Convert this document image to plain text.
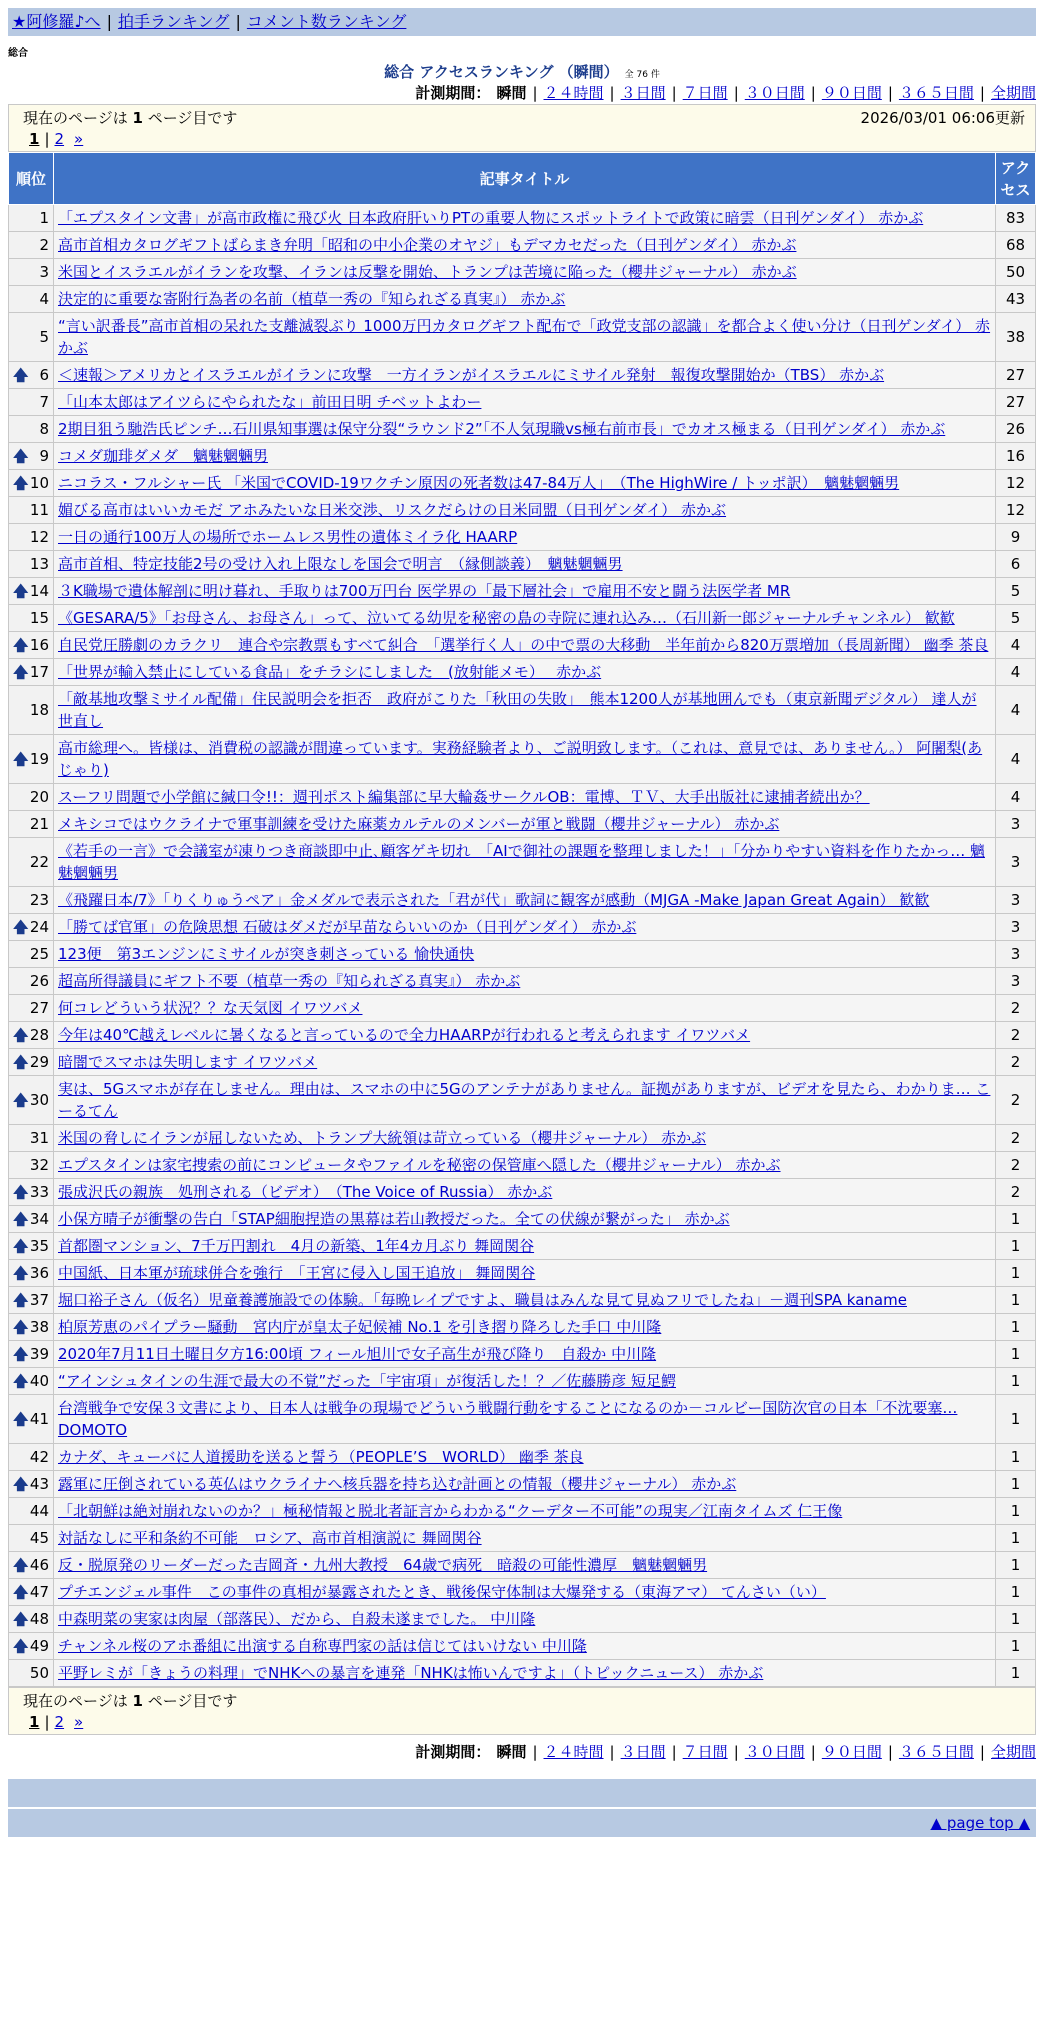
★阿修羅♪へ | 拍手ランキング | コメント数ランキング
総合
総合 アクセスランキング （瞬間） 全 76 件
計測期間： 瞬間 | ２４時間 | ３日間 | ７日間 | ３０日間 | ９０日間 | ３６５日間 | 全期間
現在のページは 1 ページ目です	2026/03/01 06:06更新
1 | 2 »
順位	記事タイトル	アクセス
1	「エプスタイン文書」が高市政権に飛び火 日本政府肝いりPTの重要人物にスポットライトで政策に暗雲（日刊ゲンダイ） 赤かぶ	83
2	高市首相カタログギフトばらまき弁明「昭和の中小企業のオヤジ」もデマカセだった（日刊ゲンダイ） 赤かぶ	68
3	米国とイスラエルがイランを攻撃、イランは反撃を開始、トランプは苦境に陥った（櫻井ジャーナル） 赤かぶ	50
4	決定的に重要な寄附行為者の名前（植草一秀の『知られざる真実』） 赤かぶ	43
5	“言い訳番長”高市首相の呆れた支離滅裂ぶり 1000万円カタログギフト配布で「政党支部の認識」を都合よく使い分け（日刊ゲンダイ） 赤かぶ	38

🡅 6	＜速報＞アメリカとイスラエルがイランに攻撃　一方イランがイスラエルにミサイル発射　報復攻撃開始か（TBS） 赤かぶ	27
7	「山本太郎はアイツらにやられたな」前田日明 チベットよわー	27
8	2期目狙う馳浩氏ピンチ…石川県知事選は保守分裂“ラウンド2”「不人気現職vs極右前市長」でカオス極まる（日刊ゲンダイ） 赤かぶ	26

🡅 9	コメダ珈琲ダメダ　魑魅魍魎男	16

🡅 10	ニコラス・フルシャー氏 「米国でCOVID-19ワクチン原因の死者数は47-84万人」　（The HighWire / トッポ訳）　魑魅魍魎男	12
11	媚びる高市はいいカモだ アホみたいな日米交渉、リスクだらけの日米同盟（日刊ゲンダイ） 赤かぶ	12
12	一日の通行100万人の場所でホームレス男性の遺体ミイラ化 HAARP	9
13	高市首相、特定技能2号の受け入れ上限なしを国会で明言　（縁側談義）　魑魅魍魎男	6

🡅 14	３K職場で遺体解剖に明け暮れ、手取りは700万円台 医学界の「最下層社会」で雇用不安と闘う法医学者 MR	5
15	《GESARA/5》「お母さん、お母さん」って、泣いてる幼児を秘密の島の寺院に連れ込み…（石川新一郎ジャーナルチャンネル） 歓歓	5

🡅 16	自民党圧勝劇のカラクリ　連合や宗教票もすべて糾合　「選挙行く人」の中で票の大移動　半年前から820万票増加（長周新聞） 幽季 茶良	4

🡅 17	「世界が輸入禁止にしている食品」をチラシにしました　(放射能メモ）　 赤かぶ	4
18	「敵基地攻撃ミサイル配備」住民説明会を拒否　政府がこりた「秋田の失敗」　熊本1200人が基地囲んでも（東京新聞デジタル） 達人が世直し	4

🡅 19	高市総理へ。皆様は、消費税の認識が間違っています。実務経験者より、ご説明致します。（これは、意見では、ありません。） 阿闍梨(あじゃり)	4
20	スーフリ問題で小学館に緘口令!!：週刊ポスト編集部に早大輪姦サークルOB：電博、ＴＶ、大手出版社に逮捕者続出か？	4
21	メキシコではウクライナで軍事訓練を受けた麻薬カルテルのメンバーが軍と戦闘（櫻井ジャーナル） 赤かぶ	3
22	《若手の一言》で会議室が凍りつき商談即中止､顧客ゲキ切れ　「AIで御社の課題を整理しました！｣「分かりやすい資料を作りたかっ… 魑魅魍魎男	3
23	《飛躍日本/7》「りくりゅうペア」金メダルで表示された「君が代」歌詞に観客が感動（MJGA -Make Japan Great Again） 歓歓	3

🡅 24	「勝てば官軍」の危険思想 石破はダメだが早苗ならいいのか（日刊ゲンダイ） 赤かぶ	3
25	123便　第3エンジンにミサイルが突き刺さっている 愉快通快	3
26	超高所得議員にギフト不要（植草一秀の『知られざる真実』） 赤かぶ	3
27	何コレどういう状況？？な天気図 イワツバメ	2

🡅 28	今年は40℃越えレベルに暑くなると言っているので全力HAARPが行われると考えられます イワツバメ	2

🡅 29	暗闇でスマホは失明します イワツバメ	2

🡅 30	実は、5Gスマホが存在しません。理由は、スマホの中に5Gのアンテナがありません。証拠がありますが、ビデオを見たら、わかりま… こーるてん	2
31	米国の脅しにイランが屈しないため、トランプ大統領は苛立っている（櫻井ジャーナル） 赤かぶ	2
32	エプスタインは家宅捜索の前にコンピュータやファイルを秘密の保管庫へ隠した（櫻井ジャーナル） 赤かぶ	2

🡅 33	張成沢氏の親族　処刑される（ビデオ）　（The Voice of Russia） 赤かぶ	2

🡅 34	小保方晴子が衝撃の告白「STAP細胞捏造の黒幕は若山教授だった。全ての伏線が繋がった」 赤かぶ	1

🡅 35	首都圏マンション、7千万円割れ　4月の新築、1年4カ月ぶり 舞岡関谷	1

🡅 36	中国紙、日本軍が琉球併合を強行　「王宮に侵入し国王追放」 舞岡関谷	1

🡅 37	堀口裕子さん（仮名）児童養護施設での体験。「毎晩レイプですよ、職員はみんな見て見ぬフリでしたね」－週刊SPA kaname	1

🡅 38	柏原芳恵のパイプラー騒動　宮内庁が皇太子妃候補 No.1 を引き摺り降ろした手口 中川隆	1

🡅 39	2020年7月11日土曜日夕方16:00頃 フィール旭川で女子高生が飛び降り　自殺か 中川隆	1

🡅 40	“アインシュタインの生涯で最大の不覚”だった「宇宙項」が復活した！？／佐藤勝彦 短足鰐	1

🡅 41	台湾戦争で安保３文書により、日本人は戦争の現場でどういう戦闘行動をすることになるのか－コルビー国防次官の日本「不沈要塞… DOMOTO	1
42	カナダ、キューバに人道援助を送ると誓う（PEOPLE’S　WORLD） 幽季 茶良	1

🡅 43	露軍に圧倒されている英仏はウクライナへ核兵器を持ち込む計画との情報（櫻井ジャーナル） 赤かぶ	1
44	「北朝鮮は絶対崩れないのか？」極秘情報と脱北者証言からわかる“クーデター不可能”の現実／江南タイムズ 仁王像	1
45	対話なしに平和条約不可能　ロシア、高市首相演説に 舞岡関谷	1

🡅 46	反・脱原発のリーダーだった吉岡斉・九州大教授　64歳で病死　暗殺の可能性濃厚　魑魅魍魎男	1

🡅 47	プチエンジェル事件　この事件の真相が暴露されたとき、戦後保守体制は大爆発する（東海アマ） てんさい（い）	1

🡅 48	中森明菜の実家は肉屋（部落民）、だから、自殺未遂までした。 中川隆	1

🡅 49	チャンネル桜のアホ番組に出演する自称専門家の話は信じてはいけない 中川隆	1
50	平野レミが「きょうの料理」でNHKへの暴言を連発「NHKは怖いんですよ」（トピックニュース） 赤かぶ	1
現在のページは 1 ページ目です
1 | 2 »
計測期間： 瞬間 | ２４時間 | ３日間 | ７日間 | ３０日間 | ９０日間 | ３６５日間 | 全期間
▲ page top ▲
